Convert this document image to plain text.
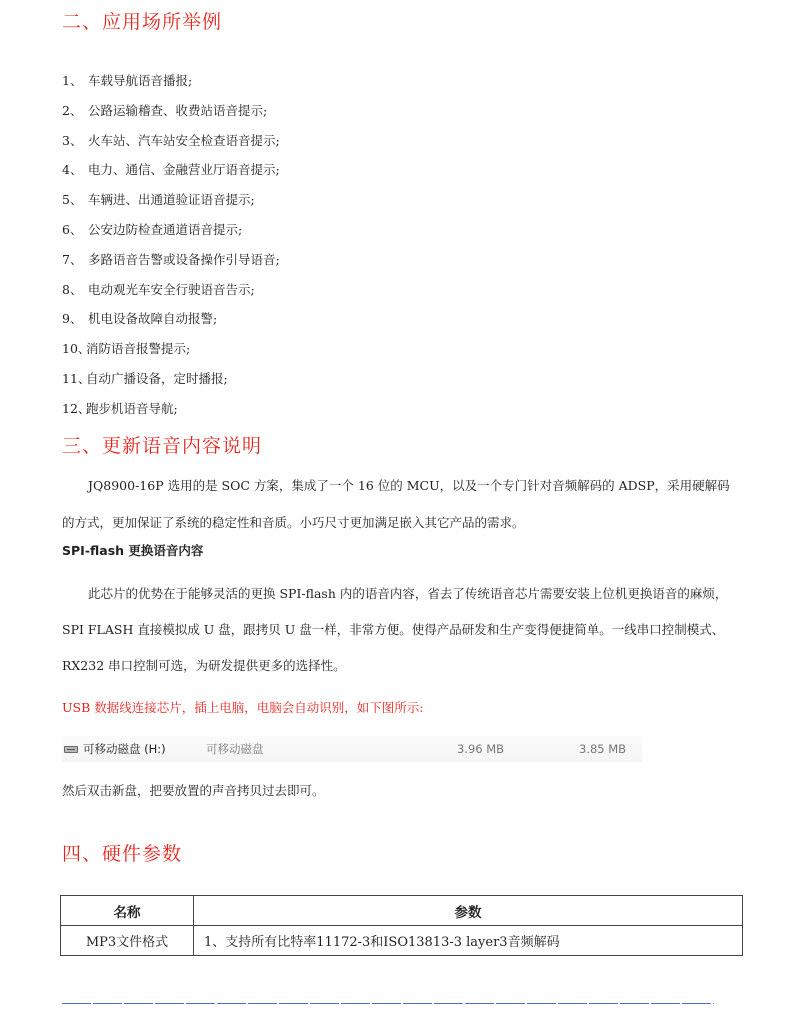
二、应用场所举例
1、 车载导航语音播报;
2、 公路运输稽查、收费站语音提示;
3、 火车站、汽车站安全检查语音提示;
4、 电力、通信、金融营业厅语音提示;
5、 车辆进、出通道验证语音提示;
6、 公安边防检查通道语音提示;
7、 多路语音告警或设备操作引导语音;
8、 电动观光车安全行驶语音告示;
9、 机电设备故障自动报警;
10、消防语音报警提示;
11、自动广播设备，定时播报;
12、跑步机语音导航;
三、更新语音内容说明

JQ8900-16P 选用的是 SOC 方案，集成了一个 16 位的 MCU，以及一个专门针对音频解码的 ADSP，采用硬解码的方式，更加保证了系统的稳定性和音质。小巧尺寸更加满足嵌入其它产品的需求。

SPI-flash 更换语音内容

此芯片的优势在于能够灵活的更换 SPI-flash 内的语音内容，省去了传统语音芯片需要安装上位机更换语音的麻烦，SPI FLASH 直接模拟成 U 盘，跟拷贝 U 盘一样，非常方便。使得产品研发和生产变得便捷简单。一线串口控制模式、RX232 串口控制可选，为研发提供更多的选择性。

USB 数据线连接芯片，插上电脑，电脑会自动识别，如下图所示:
可移动磁盘 (H:)	可移动磁盘	3.96 MB	3.85 MB
然后双击新盘，把要放置的声音拷贝过去即可。
四、硬件参数
名称	参数
MP3文件格式	1、支持所有比特率11172-3和ISO13813-3 layer3音频解码
